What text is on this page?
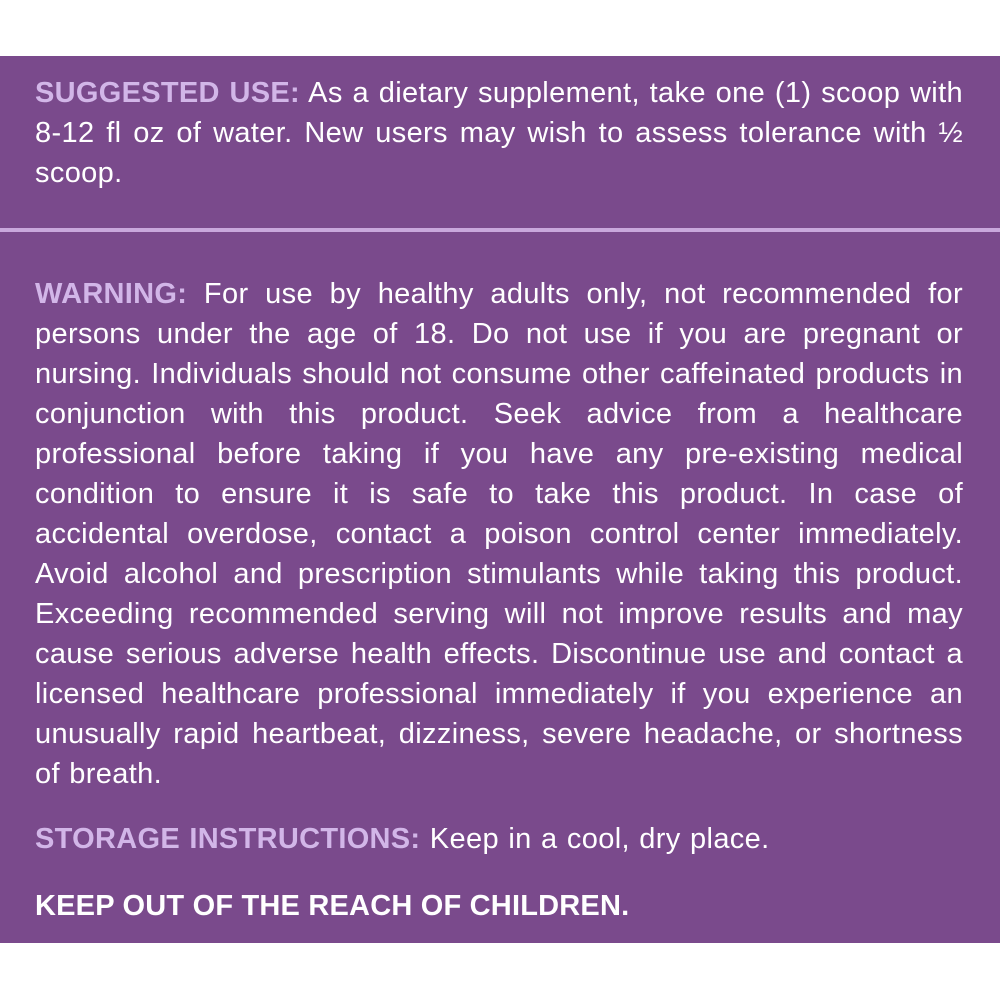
SUGGESTED USE: As a dietary supplement, take one (1) scoop with 8-12 fl oz of water. New users may wish to assess tolerance with ½ scoop.
WARNING: For use by healthy adults only, not recommended for persons under the age of 18. Do not use if you are pregnant or nursing. Individuals should not consume other caffeinated products in conjunction with this product. Seek advice from a healthcare professional before taking if you have any pre-existing medical condition to ensure it is safe to take this product. In case of accidental overdose, contact a poison control center immediately. Avoid alcohol and prescription stimulants while taking this product. Exceeding recommended serving will not improve results and may cause serious adverse health effects. Discontinue use and contact a licensed healthcare professional immediately if you experience an unusually rapid heartbeat, dizziness, severe headache, or shortness of breath.
STORAGE INSTRUCTIONS: Keep in a cool, dry place.
KEEP OUT OF THE REACH OF CHILDREN.
